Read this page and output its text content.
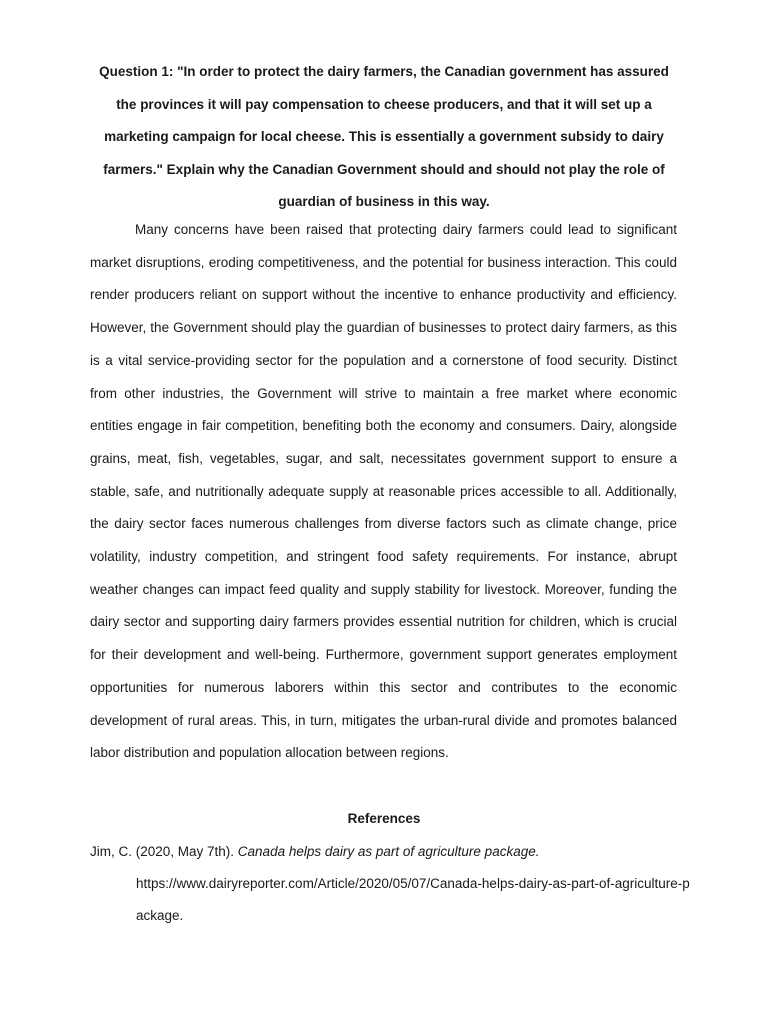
Question 1: "In order to protect the dairy farmers, the Canadian government has assured the provinces it will pay compensation to cheese producers, and that it will set up a marketing campaign for local cheese. This is essentially a government subsidy to dairy farmers." Explain why the Canadian Government should and should not play the role of guardian of business in this way.

Many concerns have been raised that protecting dairy farmers could lead to significant market disruptions, eroding competitiveness, and the potential for business interaction. This could render producers reliant on support without the incentive to enhance productivity and efficiency. However, the Government should play the guardian of businesses to protect dairy farmers, as this is a vital service-providing sector for the population and a cornerstone of food security. Distinct from other industries, the Government will strive to maintain a free market where economic entities engage in fair competition, benefiting both the economy and consumers. Dairy, alongside grains, meat, fish, vegetables, sugar, and salt, necessitates government support to ensure a stable, safe, and nutritionally adequate supply at reasonable prices accessible to all. Additionally, the dairy sector faces numerous challenges from diverse factors such as climate change, price volatility, industry competition, and stringent food safety requirements. For instance, abrupt weather changes can impact feed quality and supply stability for livestock. Moreover, funding the dairy sector and supporting dairy farmers provides essential nutrition for children, which is crucial for their development and well-being. Furthermore, government support generates employment opportunities for numerous laborers within this sector and contributes to the economic development of rural areas. This, in turn, mitigates the urban-rural divide and promotes balanced labor distribution and population allocation between regions.

References

Jim, C. (2020, May 7th). Canada helps dairy as part of agriculture package.
https://www.dairyreporter.com/Article/2020/05/07/Canada-helps-dairy-as-part-of-agriculture-package.
